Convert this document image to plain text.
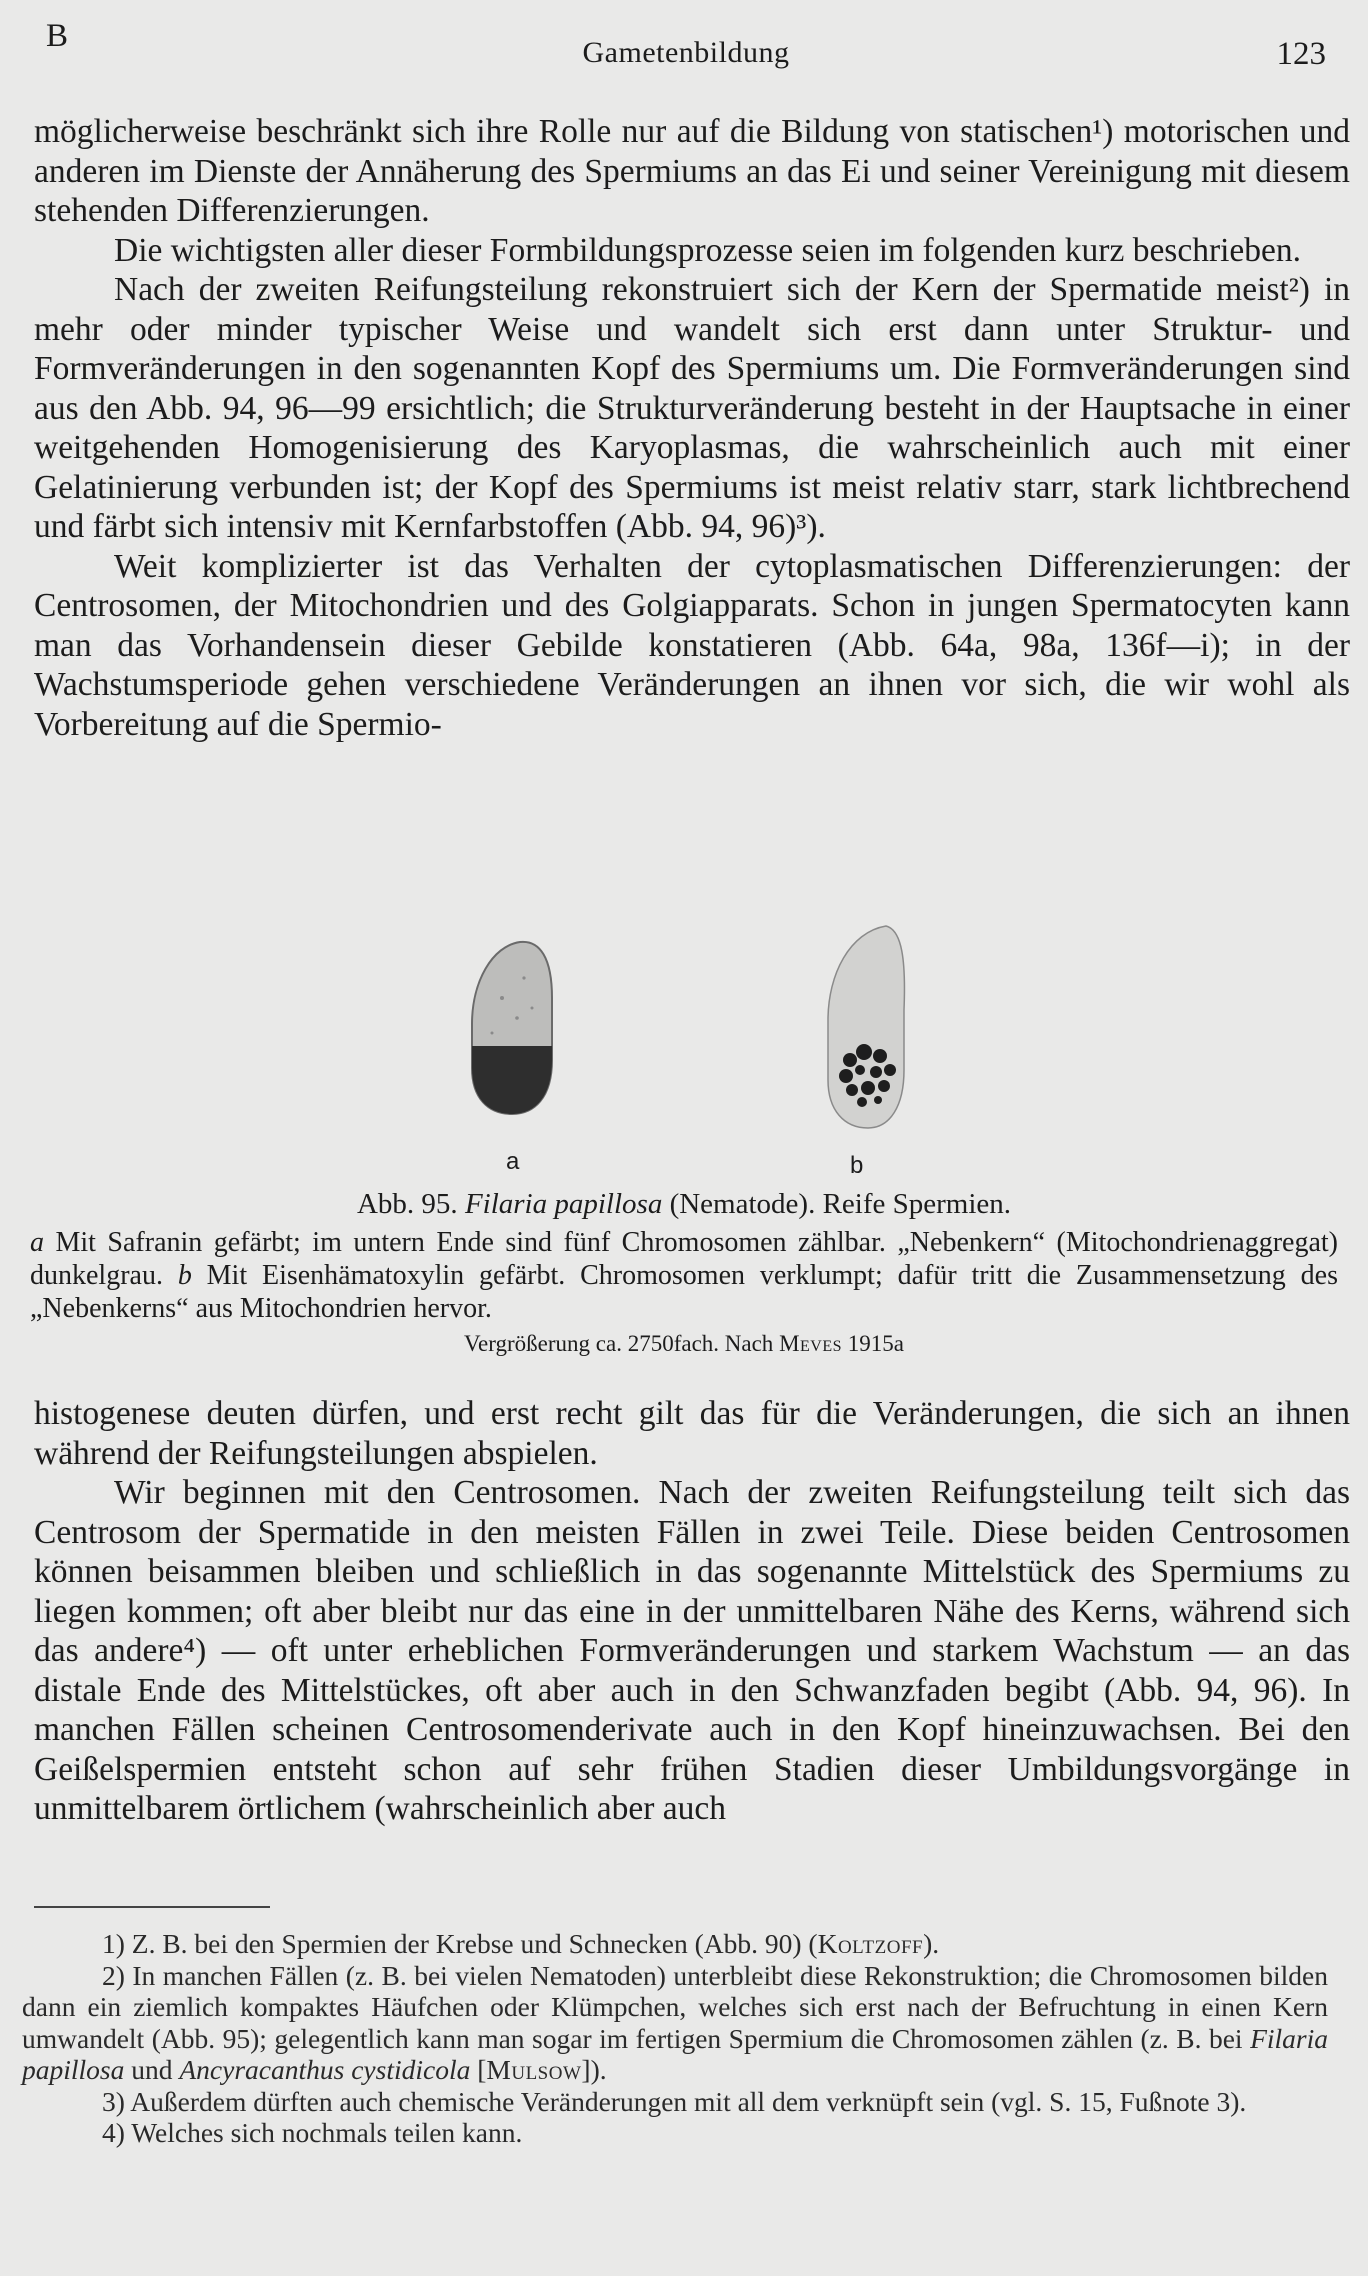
B	Gametenbildung	123

möglicherweise beschränkt sich ihre Rolle nur auf die Bildung von statischen¹) motorischen und anderen im Dienste der Annäherung des Spermiums an das Ei und seiner Vereinigung mit diesem stehenden Differenzierungen.

Die wichtigsten aller dieser Formbildungsprozesse seien im folgenden kurz beschrieben.

Nach der zweiten Reifungsteilung rekonstruiert sich der Kern der Spermatide meist²) in mehr oder minder typischer Weise und wandelt sich erst dann unter Struktur- und Formveränderungen in den sogenannten Kopf des Spermiums um. Die Formveränderungen sind aus den Abb. 94, 96—99 ersichtlich; die Strukturveränderung besteht in der Hauptsache in einer weitgehenden Homogenisierung des Karyoplasmas, die wahrscheinlich auch mit einer Gelatinierung verbunden ist; der Kopf des Spermiums ist meist relativ starr, stark lichtbrechend und färbt sich intensiv mit Kernfarbstoffen (Abb. 94, 96)³).

Weit komplizierter ist das Verhalten der cytoplasmatischen Differenzierungen: der Centrosomen, der Mitochondrien und des Golgiapparats. Schon in jungen Spermatocyten kann man das Vorhandensein dieser Gebilde konstatieren (Abb. 64a, 98a, 136f—i); in der Wachstumsperiode gehen verschiedene Veränderungen an ihnen vor sich, die wir wohl als Vorbereitung auf die Spermio-

a	b
Abb. 95. Filaria papillosa (Nematode). Reife Spermien.
a Mit Safranin gefärbt; im untern Ende sind fünf Chromosomen zählbar. „Nebenkern“ (Mitochondrienaggregat) dunkelgrau. b Mit Eisenhämatoxylin gefärbt. Chromosomen verklumpt; dafür tritt die Zusammensetzung des „Nebenkerns“ aus Mitochondrien hervor.
Vergrößerung ca. 2750fach. Nach Meves 1915a

histogenese deuten dürfen, und erst recht gilt das für die Veränderungen, die sich an ihnen während der Reifungsteilungen abspielen.

Wir beginnen mit den Centrosomen. Nach der zweiten Reifungsteilung teilt sich das Centrosom der Spermatide in den meisten Fällen in zwei Teile. Diese beiden Centrosomen können beisammen bleiben und schließlich in das sogenannte Mittelstück des Spermiums zu liegen kommen; oft aber bleibt nur das eine in der unmittelbaren Nähe des Kerns, während sich das andere⁴) — oft unter erheblichen Formveränderungen und starkem Wachstum — an das distale Ende des Mittelstückes, oft aber auch in den Schwanzfaden begibt (Abb. 94, 96). In manchen Fällen scheinen Centrosomenderivate auch in den Kopf hineinzuwachsen. Bei den Geißelspermien entsteht schon auf sehr frühen Stadien dieser Umbildungsvorgänge in unmittelbarem örtlichem (wahrscheinlich aber auch

1) Z. B. bei den Spermien der Krebse und Schnecken (Abb. 90) (Koltzoff).

2) In manchen Fällen (z. B. bei vielen Nematoden) unterbleibt diese Rekonstruktion; die Chromosomen bilden dann ein ziemlich kompaktes Häufchen oder Klümpchen, welches sich erst nach der Befruchtung in einen Kern umwandelt (Abb. 95); gelegentlich kann man sogar im fertigen Spermium die Chromosomen zählen (z. B. bei Filaria papillosa und Ancyracanthus cystidicola [Mulsow]).

3) Außerdem dürften auch chemische Veränderungen mit all dem verknüpft sein (vgl. S. 15, Fußnote 3).

4) Welches sich nochmals teilen kann.
